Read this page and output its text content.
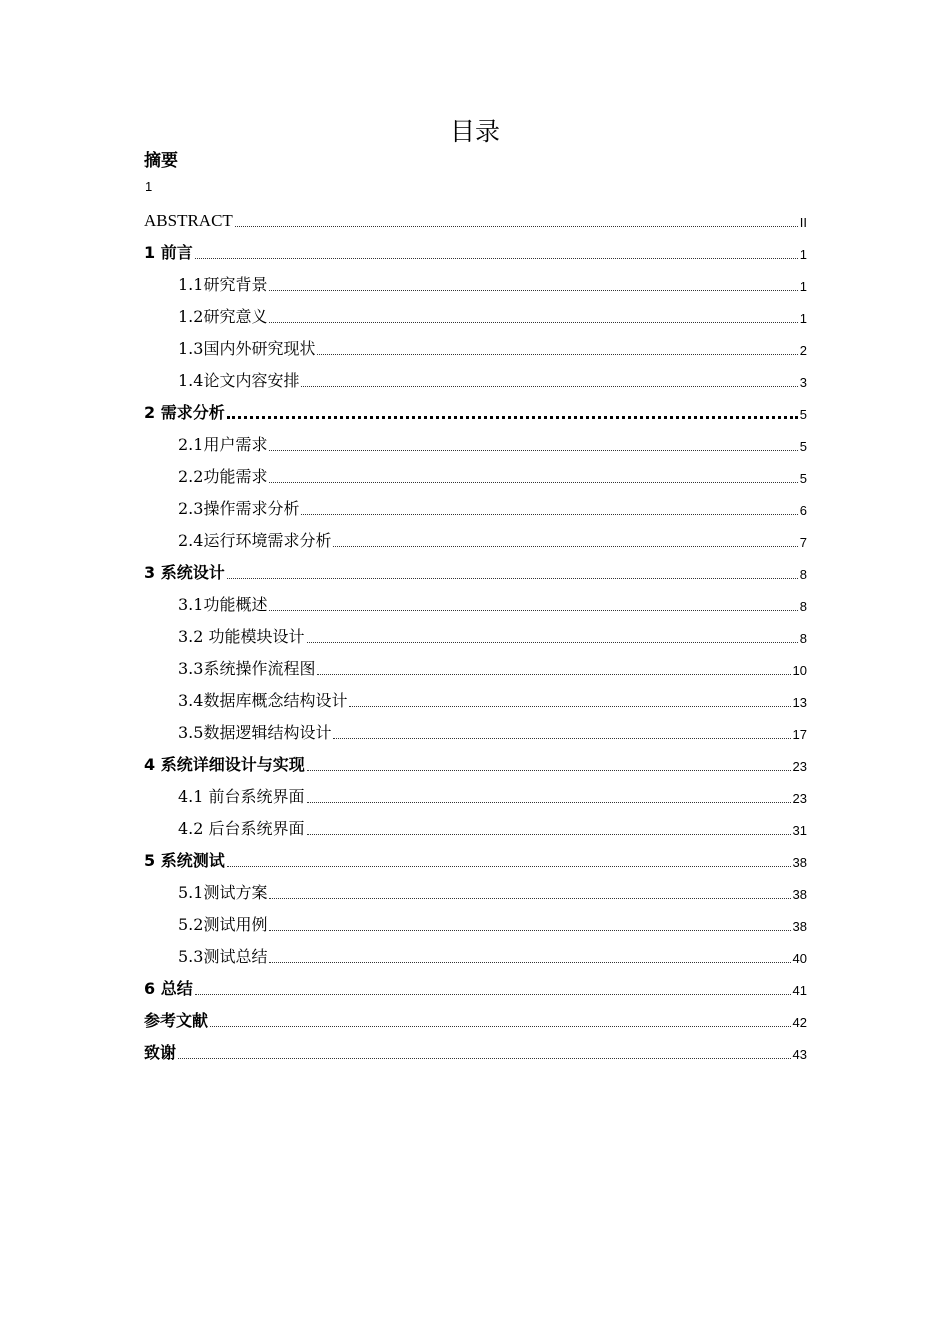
目录
摘要
1
ABSTRACT	II
1 前言	1
1.1研究背景	1
1.2研究意义	1
1.3国内外研究现状	2
1.4论文内容安排	3
2 需求分析	5
2.1用户需求	5
2.2功能需求	5
2.3操作需求分析	6
2.4运行环境需求分析	7
3 系统设计	8
3.1功能概述	8
3.2 功能模块设计	8
3.3系统操作流程图	10
3.4数据库概念结构设计	13
3.5数据逻辑结构设计	17
4 系统详细设计与实现	23
4.1 前台系统界面	23
4.2 后台系统界面	31
5 系统测试	38
5.1测试方案	38
5.2测试用例	38
5.3测试总结	40
6 总结	41
参考文献	42
致谢	43
